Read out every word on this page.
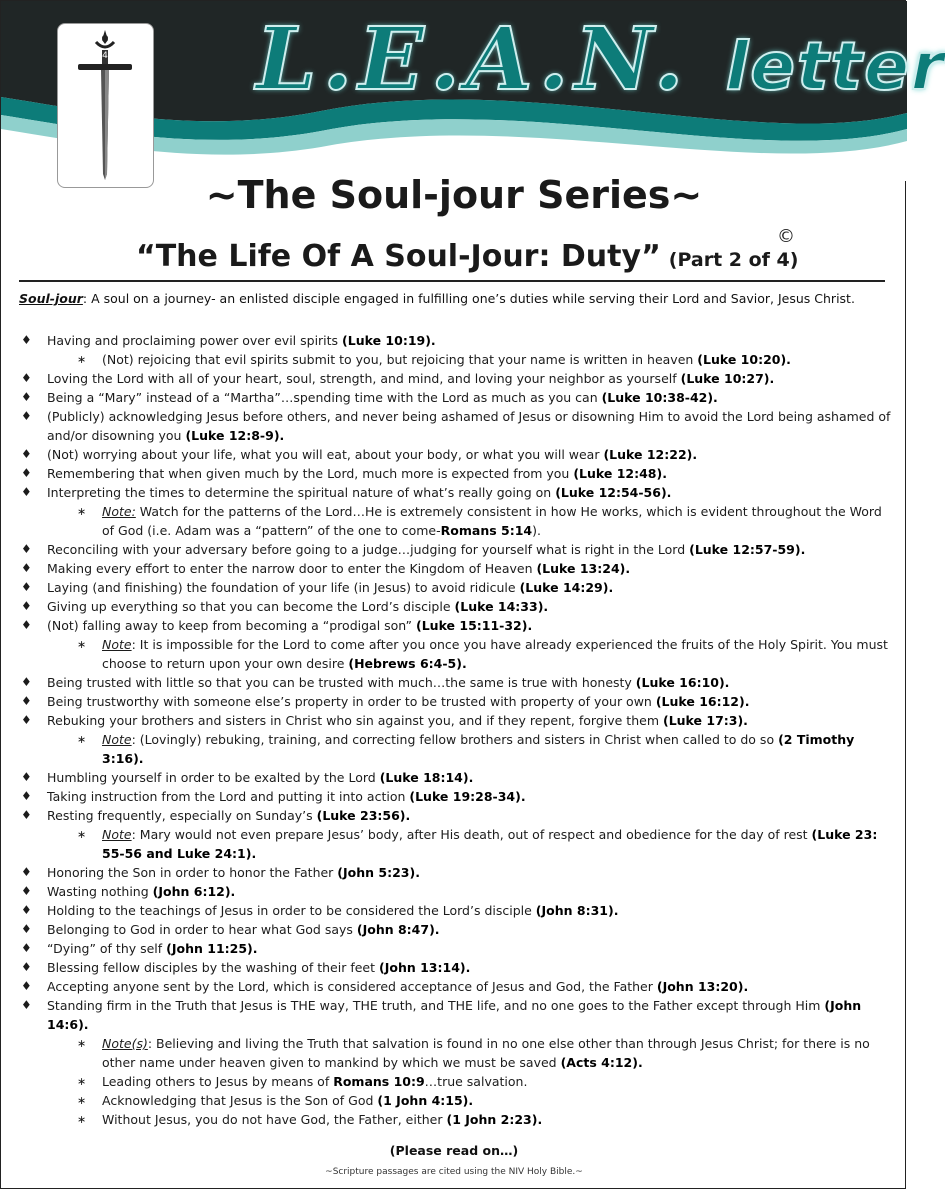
L.E.A.N. letter
4
~The Soul-jour Series~
“The Life Of A Soul-Jour: Duty” (Part 2 of 4)
©
Soul-jour: A soul on a journey- an enlisted disciple engaged in fulfilling one’s duties while serving their Lord and Savior, Jesus Christ.
♦ Having and proclaiming power over evil spirits (Luke 10:19).
∗ (Not) rejoicing that evil spirits submit to you, but rejoicing that your name is written in heaven (Luke 10:20).
♦ Loving the Lord with all of your heart, soul, strength, and mind, and loving your neighbor as yourself (Luke 10:27).
♦ Being a “Mary” instead of a “Martha”…spending time with the Lord as much as you can (Luke 10:38-42).
♦ (Publicly) acknowledging Jesus before others, and never being ashamed of Jesus or disowning Him to avoid the Lord being ashamed of and/or disowning you (Luke 12:8-9).
♦ (Not) worrying about your life, what you will eat, about your body, or what you will wear (Luke 12:22).
♦ Remembering that when given much by the Lord, much more is expected from you (Luke 12:48).
♦ Interpreting the times to determine the spiritual nature of what’s really going on (Luke 12:54-56).
∗ Note: Watch for the patterns of the Lord…He is extremely consistent in how He works, which is evident throughout the Word of God (i.e. Adam was a “pattern” of the one to come-Romans 5:14).
♦ Reconciling with your adversary before going to a judge…judging for yourself what is right in the Lord (Luke 12:57-59).
♦ Making every effort to enter the narrow door to enter the Kingdom of Heaven (Luke 13:24).
♦ Laying (and finishing) the foundation of your life (in Jesus) to avoid ridicule (Luke 14:29).
♦ Giving up everything so that you can become the Lord’s disciple (Luke 14:33).
♦ (Not) falling away to keep from becoming a “prodigal son” (Luke 15:11-32).
∗ Note: It is impossible for the Lord to come after you once you have already experienced the fruits of the Holy Spirit. You must choose to return upon your own desire (Hebrews 6:4-5).
♦ Being trusted with little so that you can be trusted with much…the same is true with honesty (Luke 16:10).
♦ Being trustworthy with someone else’s property in order to be trusted with property of your own (Luke 16:12).
♦ Rebuking your brothers and sisters in Christ who sin against you, and if they repent, forgive them (Luke 17:3).
∗ Note: (Lovingly) rebuking, training, and correcting fellow brothers and sisters in Christ when called to do so (2 Timothy 3:16).
♦ Humbling yourself in order to be exalted by the Lord (Luke 18:14).
♦ Taking instruction from the Lord and putting it into action (Luke 19:28-34).
♦ Resting frequently, especially on Sunday’s (Luke 23:56).
∗ Note: Mary would not even prepare Jesus’ body, after His death, out of respect and obedience for the day of rest (Luke 23: 55-56 and Luke 24:1).
♦ Honoring the Son in order to honor the Father (John 5:23).
♦ Wasting nothing (John 6:12).
♦ Holding to the teachings of Jesus in order to be considered the Lord’s disciple (John 8:31).
♦ Belonging to God in order to hear what God says (John 8:47).
♦ “Dying” of thy self (John 11:25).
♦ Blessing fellow disciples by the washing of their feet (John 13:14).
♦ Accepting anyone sent by the Lord, which is considered acceptance of Jesus and God, the Father (John 13:20).
♦ Standing firm in the Truth that Jesus is THE way, THE truth, and THE life, and no one goes to the Father except through Him (John 14:6).
∗ Note(s): Believing and living the Truth that salvation is found in no one else other than through Jesus Christ; for there is no other name under heaven given to mankind by which we must be saved (Acts 4:12).
∗ Leading others to Jesus by means of Romans 10:9…true salvation.
∗ Acknowledging that Jesus is the Son of God (1 John 4:15).
∗ Without Jesus, you do not have God, the Father, either (1 John 2:23).
(Please read on…)
~Scripture passages are cited using the NIV Holy Bible.~
